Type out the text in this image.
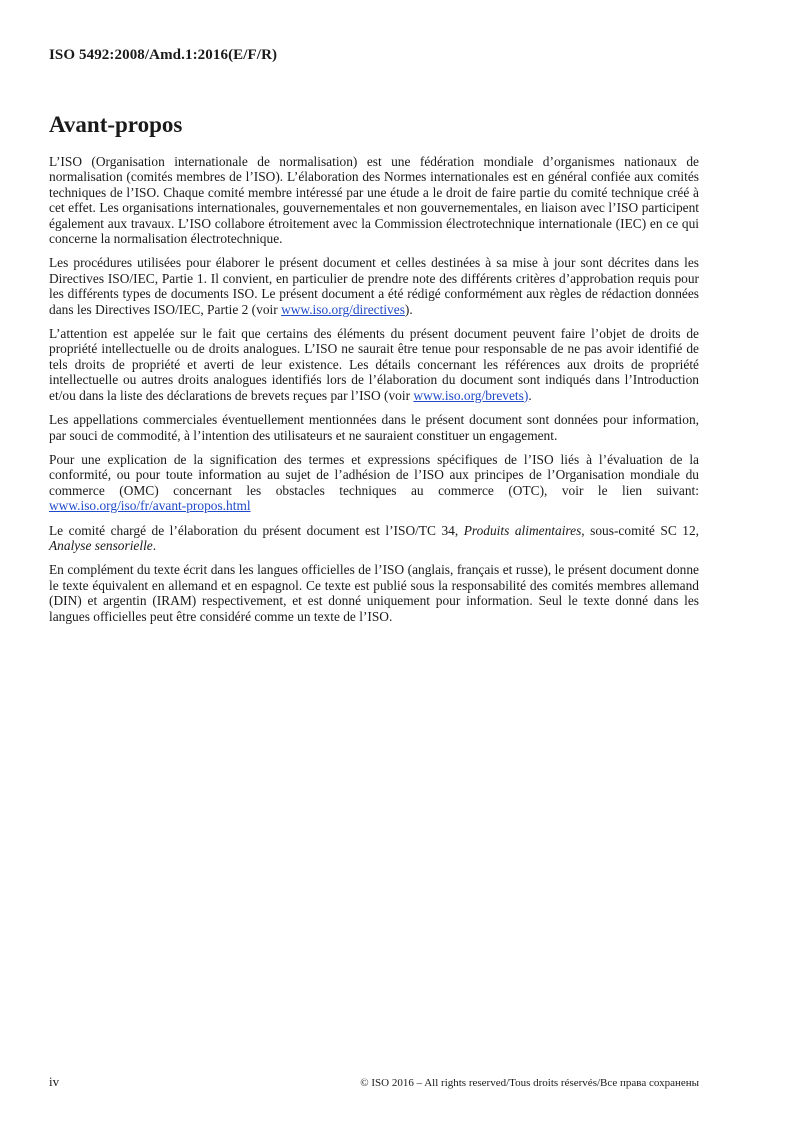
ISO 5492:2008/Amd.1:2016(E/F/R)
Avant-propos

L’ISO (Organisation internationale de normalisation) est une fédération mondiale d’organismes nationaux de normalisation (comités membres de l’ISO). L’élaboration des Normes internationales est en général confiée aux comités techniques de l’ISO. Chaque comité membre intéressé par une étude a le droit de faire partie du comité technique créé à cet effet. Les organisations internationales, gouvernementales et non gouvernementales, en liaison avec l’ISO participent également aux travaux. L’ISO collabore étroitement avec la Commission électrotechnique internationale (IEC) en ce qui concerne la normalisation électrotechnique.

Les procédures utilisées pour élaborer le présent document et celles destinées à sa mise à jour sont décrites dans les Directives ISO/IEC, Partie 1. Il convient, en particulier de prendre note des différents critères d’approbation requis pour les différents types de documents ISO. Le présent document a été rédigé conformément aux règles de rédaction données dans les Directives ISO/IEC, Partie 2 (voir www.iso.org/directives).

L’attention est appelée sur le fait que certains des éléments du présent document peuvent faire l’objet de droits de propriété intellectuelle ou de droits analogues. L’ISO ne saurait être tenue pour responsable de ne pas avoir identifié de tels droits de propriété et averti de leur existence. Les détails concernant les références aux droits de propriété intellectuelle ou autres droits analogues identifiés lors de l’élaboration du document sont indiqués dans l’Introduction et/ou dans la liste des déclarations de brevets reçues par l’ISO (voir www.iso.org/brevets).

Les appellations commerciales éventuellement mentionnées dans le présent document sont données pour information, par souci de commodité, à l’intention des utilisateurs et ne sauraient constituer un engagement.

Pour une explication de la signification des termes et expressions spécifiques de l’ISO liés à l’évaluation de la conformité, ou pour toute information au sujet de l’adhésion de l’ISO aux principes de l’Organisation mondiale du commerce (OMC) concernant les obstacles techniques au commerce (OTC), voir le lien suivant: www.iso.org/iso/fr/avant-propos.html

Le comité chargé de l’élaboration du présent document est l’ISO/TC 34, Produits alimentaires, sous-comité SC 12, Analyse sensorielle.

En complément du texte écrit dans les langues officielles de l’ISO (anglais, français et russe), le présent document donne le texte équivalent en allemand et en espagnol. Ce texte est publié sous la responsabilité des comités membres allemand (DIN) et argentin (IRAM) respectivement, et est donné uniquement pour information. Seul le texte donné dans les langues officielles peut être considéré comme un texte de l’ISO.

iv	© ISO 2016 – All rights reserved/Tous droits réservés/Все права сохранены
